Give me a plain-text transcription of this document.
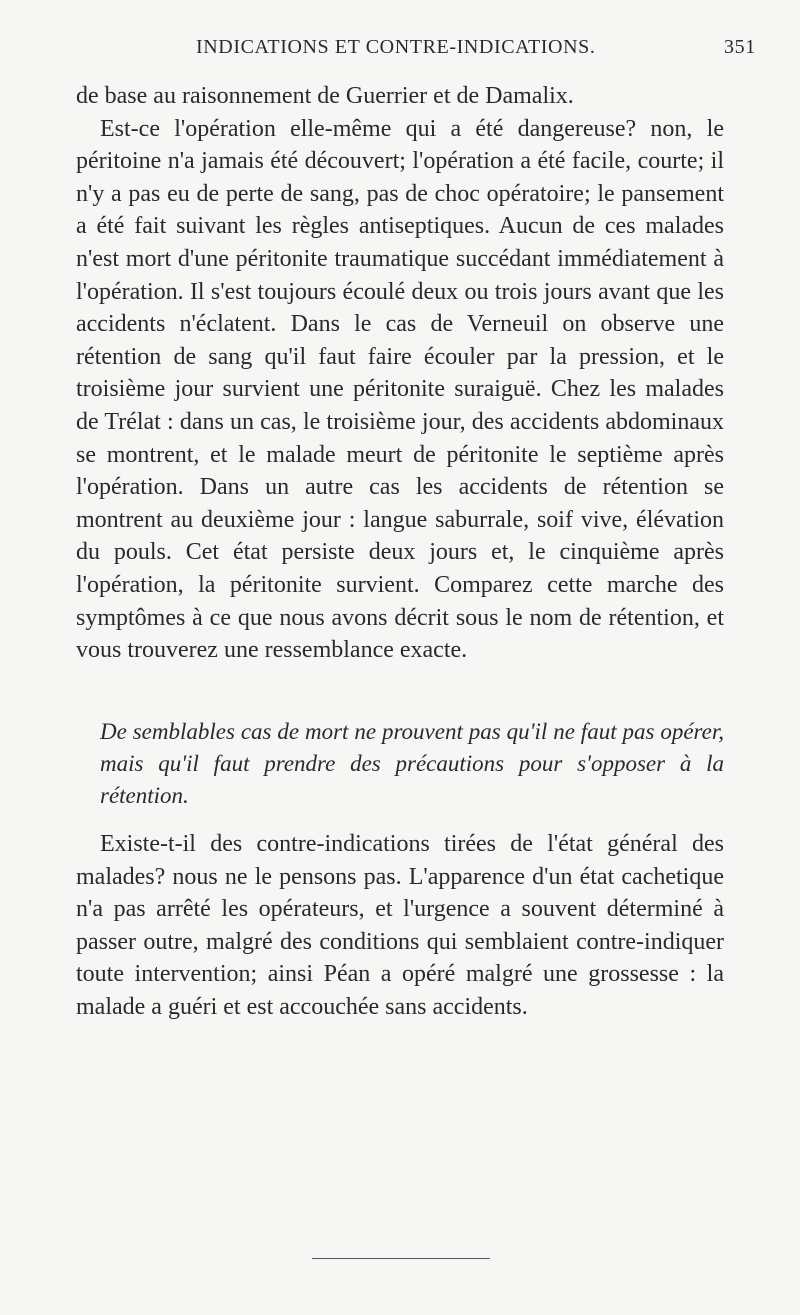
INDICATIONS ET CONTRE-INDICATIONS.	351

de base au raisonnement de Guerrier et de Damalix.

Est-ce l'opération elle-même qui a été dangereuse? non, le péritoine n'a jamais été découvert; l'opération a été facile, courte; il n'y a pas eu de perte de sang, pas de choc opératoire; le pansement a été fait suivant les règles antiseptiques. Aucun de ces malades n'est mort d'une péritonite traumatique succédant immédiatement à l'opération. Il s'est toujours écoulé deux ou trois jours avant que les accidents n'éclatent. Dans le cas de Verneuil on observe une rétention de sang qu'il faut faire écouler par la pression, et le troisième jour survient une péritonite suraiguë. Chez les malades de Trélat : dans un cas, le troisième jour, des accidents abdominaux se montrent, et le malade meurt de péritonite le septième après l'opération. Dans un autre cas les accidents de rétention se montrent au deuxième jour : langue saburrale, soif vive, élévation du pouls. Cet état persiste deux jours et, le cinquième après l'opération, la péritonite survient. Comparez cette marche des symptômes à ce que nous avons décrit sous le nom de rétention, et vous trouverez une ressemblance exacte.

De semblables cas de mort ne prouvent pas qu'il ne faut pas opérer, mais qu'il faut prendre des précautions pour s'opposer à la rétention.

Existe-t-il des contre-indications tirées de l'état général des malades? nous ne le pensons pas. L'apparence d'un état cachetique n'a pas arrêté les opérateurs, et l'urgence a souvent déterminé à passer outre, malgré des conditions qui semblaient contre-indiquer toute intervention; ainsi Péan a opéré malgré une grossesse : la malade a guéri et est accouchée sans accidents.
